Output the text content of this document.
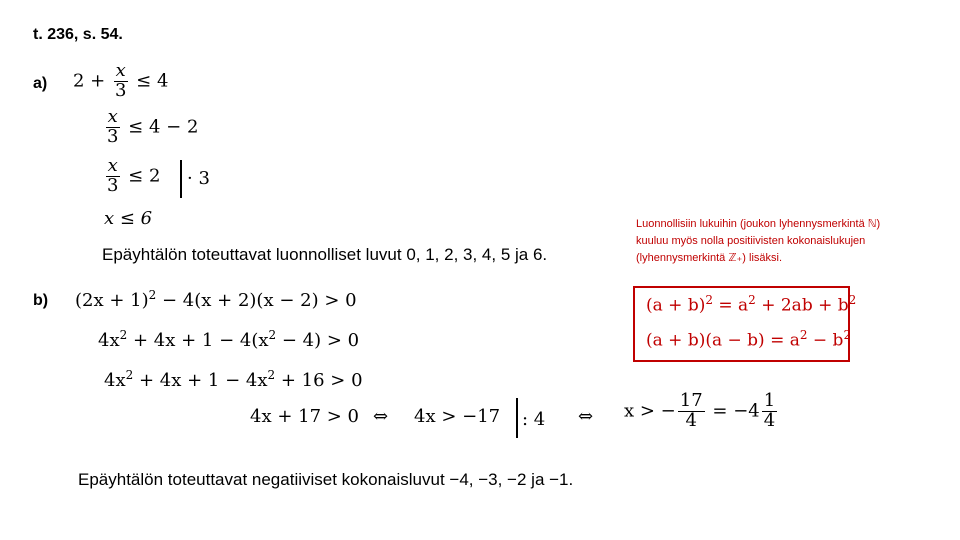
t. 236, s. 54.
a) $2 + \frac{x}{3} \le 4$
$\frac{x}{3} \le 4 - 2$
$\frac{x}{3} \le 2 \cdot 3$
x ≤ 6
Epäyhtälön toteuttavat luonnolliset luvut 0, 1, 2, 3, 4, 5 ja 6.
Luonnollisiin lukuihin (joukon lyhennysmerkintä ℕ)
kuuluu myös nolla positiivisten kokonaislukujen
(lyhennysmerkintä ℤ₊) lisäksi.
$(a + b)^2 = a^2 + 2ab + b^2$
$(a + b)(a - b) = a^2 - b^2$
b) $(2x + 1)^2 - 4(x + 2)(x - 2) > 0$
$4x^2 + 4x + 1 - 4(x^2 - 4) > 0$
$4x^2 + 4x + 1 - 4x^2 + 16 > 0$
4x + 17 > 0 ⇔ 4x > −17 : 4 ⇔ x > − $\frac{17}{4} = -4 \frac{1}{4}$
Epäyhtälön toteuttavat negatiiviset kokonaisluvut −4, −3, −2 ja −1.
